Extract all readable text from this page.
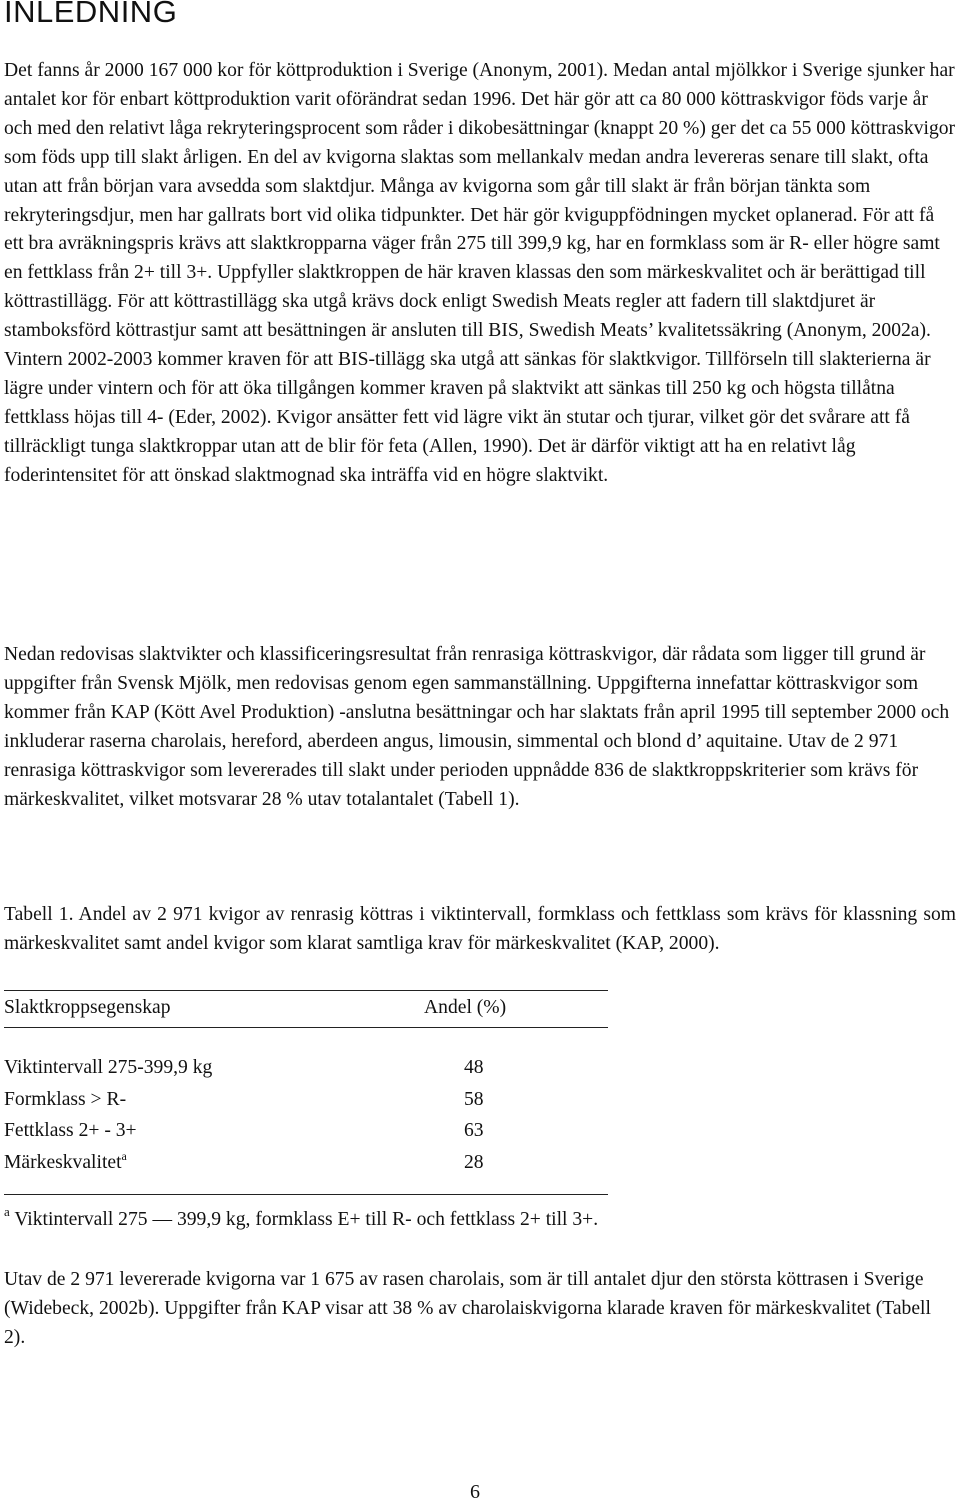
INLEDNING

Det fanns år 2000 167 000 kor för köttproduktion i Sverige (Anonym, 2001). Medan antal mjölkkor i Sverige sjunker har antalet kor för enbart köttproduktion varit oförändrat sedan 1996. Det här gör att ca 80 000 köttraskvigor föds varje år och med den relativt låga rekryteringsprocent som råder i dikobesättningar (knappt 20 %) ger det ca 55 000 köttraskvigor som föds upp till slakt årligen. En del av kvigorna slaktas som mellankalv medan andra levereras senare till slakt, ofta utan att från början vara avsedda som slaktdjur. Många av kvigorna som går till slakt är från början tänkta som rekryteringsdjur, men har gallrats bort vid olika tidpunkter. Det här gör kviguppfödningen mycket oplanerad. För att få ett bra avräkningspris krävs att slaktkropparna väger från 275 till 399,9 kg, har en formklass som är R- eller högre samt en fettklass från 2+ till 3+. Uppfyller slaktkroppen de här kraven klassas den som märkeskvalitet och är berättigad till köttrastillägg. För att köttrastillägg ska utgå krävs dock enligt Swedish Meats regler att fadern till slaktdjuret är stamboksförd köttrastjur samt att besättningen är ansluten till BIS, Swedish Meats’ kvalitetssäkring (Anonym, 2002a). Vintern 2002-2003 kommer kraven för att BIS-tillägg ska utgå att sänkas för slaktkvigor. Tillförseln till slakterierna är lägre under vintern och för att öka tillgången kommer kraven på slaktvikt att sänkas till 250 kg och högsta tillåtna fettklass höjas till 4- (Eder, 2002). Kvigor ansätter fett vid lägre vikt än stutar och tjurar, vilket gör det svårare att få tillräckligt tunga slaktkroppar utan att de blir för feta (Allen, 1990). Det är därför viktigt att ha en relativt låg foderintensitet för att önskad slaktmognad ska inträffa vid en högre slaktvikt.

Nedan redovisas slaktvikter och klassificeringsresultat från renrasiga köttraskvigor, där rådata som ligger till grund är uppgifter från Svensk Mjölk, men redovisas genom egen sammanställning. Uppgifterna innefattar köttraskvigor som kommer från KAP (Kött Avel Produktion) -anslutna besättningar och har slaktats från april 1995 till september 2000 och inkluderar raserna charolais, hereford, aberdeen angus, limousin, simmental och blond d’ aquitaine. Utav de 2 971 renrasiga köttraskvigor som levererades till slakt under perioden uppnådde 836 de slaktkroppskriterier som krävs för märkeskvalitet, vilket motsvarar 28 % utav totalantalet (Tabell 1).

Tabell 1. Andel av 2 971 kvigor av renrasig köttras i viktintervall, formklass och fettklass som krävs för klassning som märkeskvalitet samt andel kvigor som klarat samtliga krav för märkeskvalitet (KAP, 2000).

Slaktkroppsegenskap	Andel (%)
Viktintervall 275-399,9 kg	48
Formklass > R-	58
Fettklass 2+ - 3+	63
Märkeskvalitet$^a$	28
$^a$ Viktintervall 275 — 399,9 kg, formklass E+ till R- och fettklass 2+ till 3+.

Utav de 2 971 levererade kvigorna var 1 675 av rasen charolais, som är till antalet djur den största köttrasen i Sverige (Widebeck, 2002b). Uppgifter från KAP visar att 38 % av charolaiskvigorna klarade kraven för märkeskvalitet (Tabell 2).

6
